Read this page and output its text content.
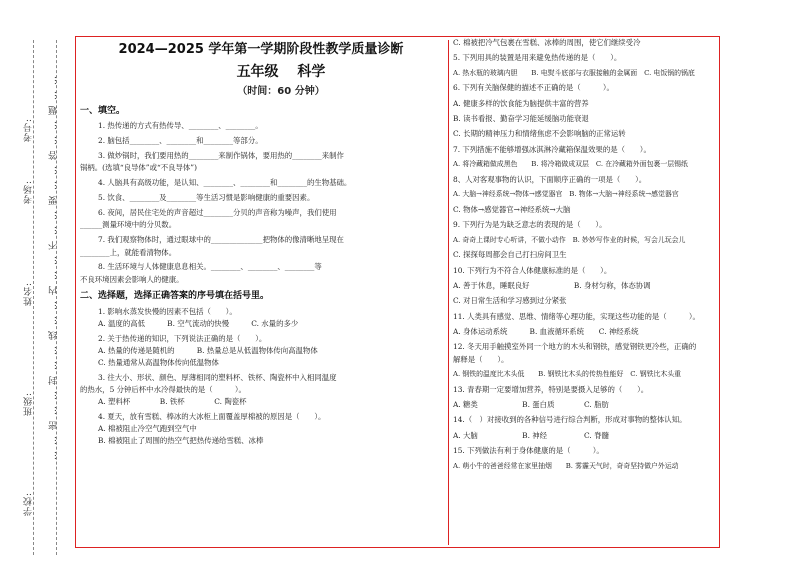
学校:
班级:
姓名:
考场:
考号: ……密……封……线……内……不……要……答……题……
2024—2025 学年第一学期阶段性教学质量诊断
五年级 科学
（时间：60 分钟）
一、填空。
1. 热传递的方式有热传导、________、________。
2. 脑包括________、________和________等部分。
3. 做炒锅时，我们要用热的________来制作锅体，要用热的________来制作
锅柄。(选填“良导体”或“不良导体”)
4. 人脑具有高级功能，是认知、________、________和________的生物基础。
5. 饮食、________及________等生活习惯是影响健康的重要因素。
6. 夜间，居民住宅处的声音超过________分贝的声音称为噪声，我们使用
______测量环境中的分贝数。
7. 我们观察物体时，通过眼球中的______________把物体的像清晰地呈现在
________上，就能看清物体。
8. 生活环境与人体健康息息相关。________、________、________等
不良环境因素会影响人的健康。
二、选择题，选择正确答案的序号填在括号里。
1. 影响水蒸发快慢的因素不包括（　　）。
A. 温度的高低　　　B. 空气流动的快慢　　　C. 水量的多少
2. 关于热传递的知识，下列说法正确的是（　　）。
A. 热量的传递是随机的　　　B. 热量总是从低温物体传向高温物体
C. 热量通常从高温物体传向低温物体
3. 往大小、形状、颜色、厚薄相同的塑料杯、铁杯、陶瓷杯中入相同温度
的热水，5 分钟后杯中水冷得最快的是（　　　）。
A. 塑料杯　　　　B. 铁杯　　　　C. 陶瓷杯
4. 夏天，放有雪糕、棒冰的大冰柜上面覆盖厚棉被的原因是（　　）。
A. 棉被阻止冷空气跑到空气中
B. 棉被阻止了周围的热空气把热传递给雪糕、冰棒
C. 棉被把冷气包裹在雪糕、冰棒的周围，使它们继续受冷
5. 下列用具的装置是用来避免热传递的是（　　）。
A. 热水瓶的玻璃内胆　　B. 电熨斗底部与衣服接触的金属面　C. 电饭锅的锅底
6. 下列有关脑保健的描述不正确的是（　　　）。
A. 健康多样的饮食能为脑提供丰富的营养
B. 读书看报、勤奋学习能延缓脑功能衰退
C. 长期的精神压力和情绪焦虑不会影响脑的正常运转
7. 下列措施不能够增强冰淇淋冷藏箱保温效果的是（　　）。
A. 将冷藏箱做成黑色　　B. 将冷箱做成双层　C. 在冷藏箱外面包裹一层锡纸
8、人对客观事物的认识，下面顺序正确的一项是（　　）。
A. 大脑→神经系统→物体→感觉器官　B. 物体→大脑→神经系统→感觉器官
C. 物体→感觉器官→神经系统→大脑
9. 下列行为是为缺乏意志的表现的是（　　）。
A. 奇奇上课时专心听讲，不做小动作　B. 妙妙写作业的时候，写会儿玩会儿
C. 探探每周都会自己打扫房间卫生
10. 下列行为不符合人体健康标准的是（　　）。
A. 善于休息，睡眠良好　　　　　　B. 身材匀称，体态协调
C. 对日常生活和学习感到过分紧张
11. 人类具有感觉、思维、情绪等心理功能，实现这些功能的是（　　　）。
A. 身体运动系统　　　B. 血液循环系统　　C. 神经系统
12. 冬天用手触摸室外同一个地方的木头和钢铁，感觉钢铁更冷些，正确的
解释是（　　）。
A. 钢铁的温度比木头低　　B. 钢铁比木头的传热性能好　C. 钢铁比木头重
13. 青春期一定要增加营养，特别是要摄入足够的（　　）。
A. 糖类　　　　　　B. 蛋白质　　　　C. 脂肪
14.（　）对接收到的各种信号进行综合判断，形成对事物的整体认知。
A. 大脑　　　　　　B. 神经　　　　　C. 脊髓
15. 下列做法有利于身体健康的是（　　　）。
A. 萌小牛的爸爸经常在家里抽烟　　B. 雾霾天气时，奇奇坚持做户外运动
